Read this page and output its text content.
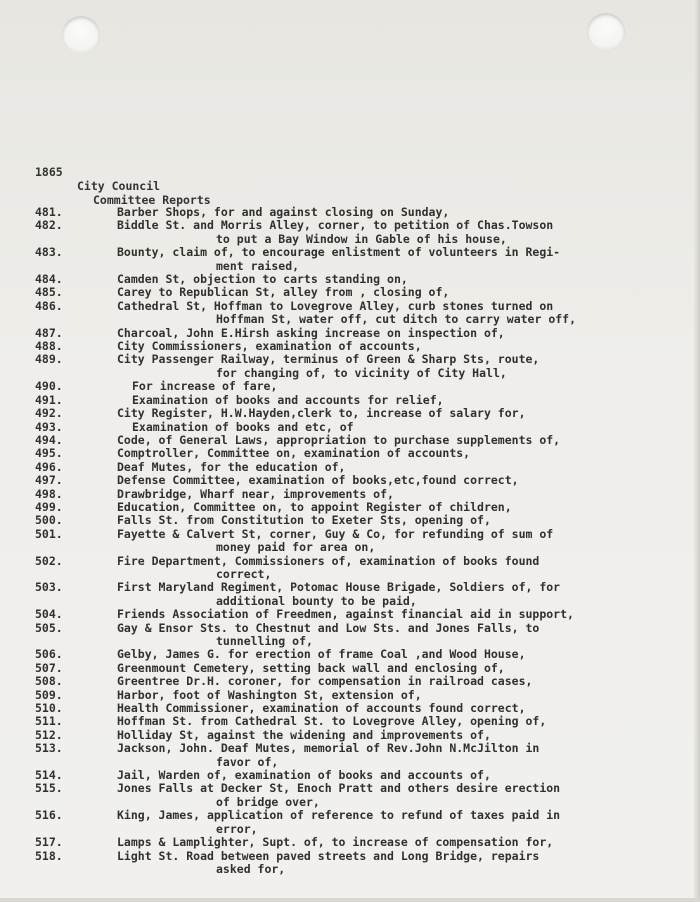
1865
City Council
Committee Reports
481.	Barber Shops, for and against closing on Sunday,
482.	Biddle St. and Morris Alley, corner, to petition of Chas.Towson
to put a Bay Window in Gable of his house,
483.	Bounty, claim of, to encourage enlistment of volunteers in Regi-
ment raised,
484.	Camden St, objection to carts standing on,
485.	Carey to Republican St, alley from , closing of,
486.	Cathedral St, Hoffman to Lovegrove Alley, curb stones turned on
Hoffman St, water off, cut ditch to carry water off,
487.	Charcoal, John E.Hirsh asking increase on inspection of,
488.	City Commissioners, examination of accounts,
489.	City Passenger Railway, terminus of Green & Sharp Sts, route,
for changing of, to vicinity of City Hall,
490.	For increase of fare,
491.	Examination of books and accounts for relief,
492.	City Register, H.W.Hayden,clerk to, increase of salary for,
493.	Examination of books and etc, of
494.	Code, of General Laws, appropriation to purchase supplements of,
495.	Comptroller, Committee on, examination of accounts,
496.	Deaf Mutes, for the education of,
497.	Defense Committee, examination of books,etc,found correct,
498.	Drawbridge, Wharf near, improvements of,
499.	Education, Committee on, to appoint Register of children,
500.	Falls St. from Constitution to Exeter Sts, opening of,
501.	Fayette & Calvert St, corner, Guy & Co, for refunding of sum of
money paid for area on,
502.	Fire Department, Commissioners of, examination of books found
correct,
503.	First Maryland Regiment, Potomac House Brigade, Soldiers of, for
additional bounty to be paid,
504.	Friends Association of Freedmen, against financial aid in support,
505.	Gay & Ensor Sts. to Chestnut and Low Sts. and Jones Falls, to
tunnelling of,
506.	Gelby, James G. for erection of frame Coal ,and Wood House,
507.	Greenmount Cemetery, setting back wall and enclosing of,
508.	Greentree Dr.H. coroner, for compensation in railroad cases,
509.	Harbor, foot of Washington St, extension of,
510.	Health Commissioner, examination of accounts found correct,
511.	Hoffman St. from Cathedral St. to Lovegrove Alley, opening of,
512.	Holliday St, against the widening and improvements of,
513.	Jackson, John. Deaf Mutes, memorial of Rev.John N.McJilton in
favor of,
514.	Jail, Warden of, examination of books and accounts of,
515.	Jones Falls at Decker St, Enoch Pratt and others desire erection
of bridge over,
516.	King, James, application of reference to refund of taxes paid in
error,
517.	Lamps & Lamplighter, Supt. of, to increase of compensation for,
518.	Light St. Road between paved streets and Long Bridge, repairs
asked for,
